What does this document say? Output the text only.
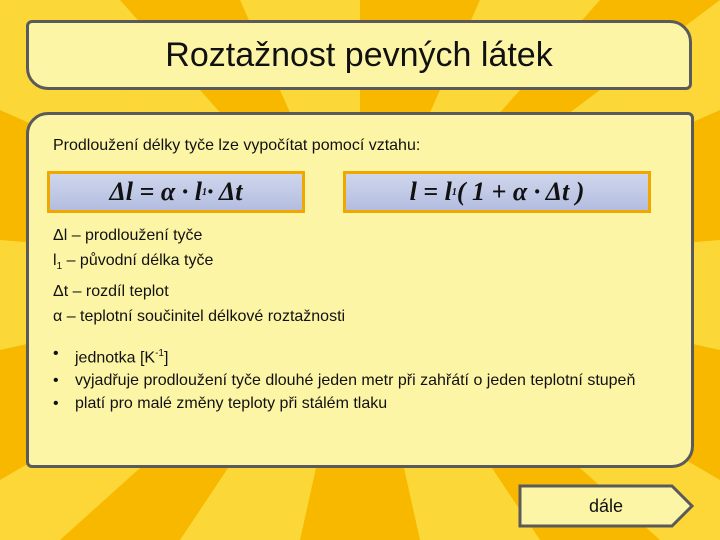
Roztažnost pevných látek
Prodloužení délky tyče lze vypočítat pomocí vztahu:
Δl = α · l 1 · Δt	l = l 1 ( 1 + α · Δt )
Δl – prodloužení tyče
$l_1$ – původní délka tyče
Δt – rozdíl teplot
α – teplotní součinitel délkové roztažnosti
•	jednotka $[K^{-1}]$
•	vyjadřuje prodloužení tyče dlouhé jeden metr při zahřátí o jeden teplotní stupeň
•	platí pro malé změny teploty při stálém tlaku
dále
